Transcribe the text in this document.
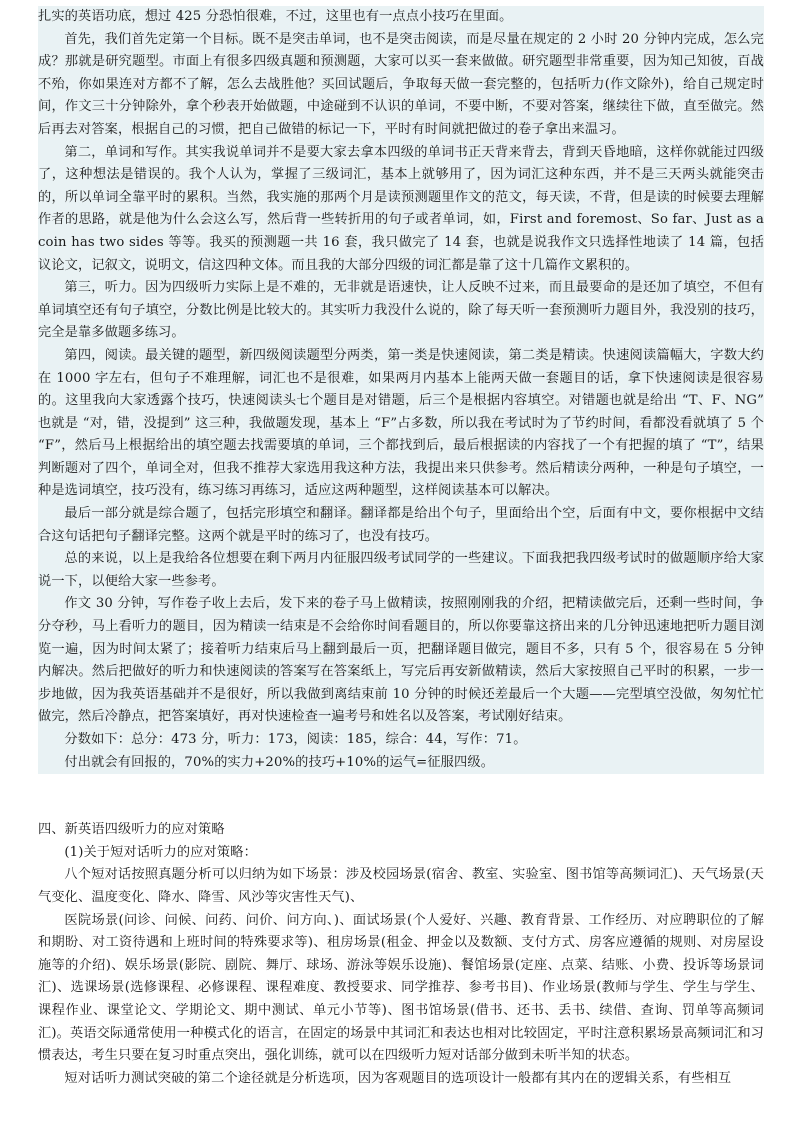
扎实的英语功底，想过 425 分恐怕很难，不过，这里也有一点点小技巧在里面。

首先，我们首先定第一个目标。既不是突击单词，也不是突击阅读，而是尽量在规定的 2 小时 20 分钟内完成，怎么完成？那就是研究题型。市面上有很多四级真题和预测题，大家可以买一套来做做。研究题型非常重要，因为知己知彼，百战不殆，你如果连对方都不了解，怎么去战胜他？买回试题后，争取每天做一套完整的，包括听力(作文除外)，给自己规定时间，作文三十分钟除外，拿个秒表开始做题，中途碰到不认识的单词，不要中断，不要对答案，继续往下做，直至做完。然后再去对答案，根据自己的习惯，把自己做错的标记一下，平时有时间就把做过的卷子拿出来温习。

第二，单词和写作。其实我说单词并不是要大家去拿本四级的单词书正天背来背去，背到天昏地暗，这样你就能过四级了，这种想法是错误的。我个人认为，掌握了三级词汇，基本上就够用了，因为词汇这种东西，并不是三天两头就能突击的，所以单词全靠平时的累积。当然，我实施的那两个月是读预测题里作文的范文，每天读，不背，但是读的时候要去理解作者的思路，就是他为什么会这么写，然后背一些转折用的句子或者单词，如，First and foremost、So far、Just as a coin has two sides 等等。我买的预测题一共 16 套，我只做完了 14 套，也就是说我作文只选择性地读了 14 篇，包括议论文，记叙文，说明文，信这四种文体。而且我的大部分四级的词汇都是靠了这十几篇作文累积的。

第三，听力。因为四级听力实际上是不难的，无非就是语速快，让人反映不过来，而且最要命的是还加了填空，不但有单词填空还有句子填空，分数比例是比较大的。其实听力我没什么说的，除了每天听一套预测听力题目外，我没别的技巧，完全是靠多做题多练习。

第四，阅读。最关键的题型，新四级阅读题型分两类，第一类是快速阅读，第二类是精读。快速阅读篇幅大，字数大约在 1000 字左右，但句子不难理解，词汇也不是很难，如果两月内基本上能两天做一套题目的话，拿下快速阅读是很容易的。这里我向大家透露个技巧，快速阅读头七个题目是对错题，后三个是根据内容填空。对错题也就是给出 “T、F、NG” 也就是 “对，错，没提到” 这三种，我做题发现，基本上 “F”占多数，所以我在考试时为了节约时间，看都没看就填了 5 个 “F”，然后马上根据给出的填空题去找需要填的单词，三个都找到后，最后根据读的内容找了一个有把握的填了 “T”，结果判断题对了四个，单词全对，但我不推荐大家选用我这种方法，我提出来只供参考。然后精读分两种，一种是句子填空，一种是选词填空，技巧没有，练习练习再练习，适应这两种题型，这样阅读基本可以解决。

最后一部分就是综合题了，包括完形填空和翻译。翻译都是给出个句子，里面给出个空，后面有中文，要你根据中文结合这句话把句子翻译完整。这两个就是平时的练习了，也没有技巧。

总的来说，以上是我给各位想要在剩下两月内征服四级考试同学的一些建议。下面我把我四级考试时的做题顺序给大家说一下，以便给大家一些参考。

作文 30 分钟，写作卷子收上去后，发下来的卷子马上做精读，按照刚刚我的介绍，把精读做完后，还剩一些时间，争分夺秒，马上看听力的题目，因为精读一结束是不会给你时间看题目的，所以你要靠这挤出来的几分钟迅速地把听力题目浏览一遍，因为时间太紧了；接着听力结束后马上翻到最后一页，把翻译题目做完，题目不多，只有 5 个，很容易在 5 分钟内解决。然后把做好的听力和快速阅读的答案写在答案纸上，写完后再安新做精读，然后大家按照自己平时的积累，一步一步地做，因为我英语基础并不是很好，所以我做到离结束前 10 分钟的时候还差最后一个大题——完型填空没做，匆匆忙忙做完，然后冷静点，把答案填好，再对快速检查一遍考号和姓名以及答案，考试刚好结束。

分数如下：总分：473 分，听力：173，阅读：185，综合：44，写作：71。

付出就会有回报的，70%的实力+20%的技巧+10%的运气=征服四级。

四、新英语四级听力的应对策略

(1)关于短对话听力的应对策略：

八个短对话按照真题分析可以归纳为如下场景：涉及校园场景(宿舍、教室、实验室、图书馆等高频词汇)、天气场景(天气变化、温度变化、降水、降雪、风沙等灾害性天气)、

医院场景(问诊、问候、问药、问价、问方向、)、面试场景(个人爱好、兴趣、教育背景、工作经历、对应聘职位的了解和期盼、对工资待遇和上班时间的特殊要求等)、租房场景(租金、押金以及数额、支付方式、房客应遵循的规则、对房屋设施等的介绍)、娱乐场景(影院、剧院、舞厅、球场、游泳等娱乐设施)、餐馆场景(定座、点菜、结账、小费、投诉等场景词汇)、选课场景(选修课程、必修课程、课程难度、教授要求、同学推荐、参考书目)、作业场景(教师与学生、学生与学生、课程作业、课堂论文、学期论文、期中测试、单元小节等)、图书馆场景(借书、还书、丢书、续借、查询、罚单等高频词汇)。英语交际通常使用一种模式化的语言，在固定的场景中其词汇和表达也相对比较固定，平时注意积累场景高频词汇和习惯表达，考生只要在复习时重点突出，强化训练，就可以在四级听力短对话部分做到未听半知的状态。

短对话听力测试突破的第二个途径就是分析选项，因为客观题目的选项设计一般都有其内在的逻辑关系，有些相互
